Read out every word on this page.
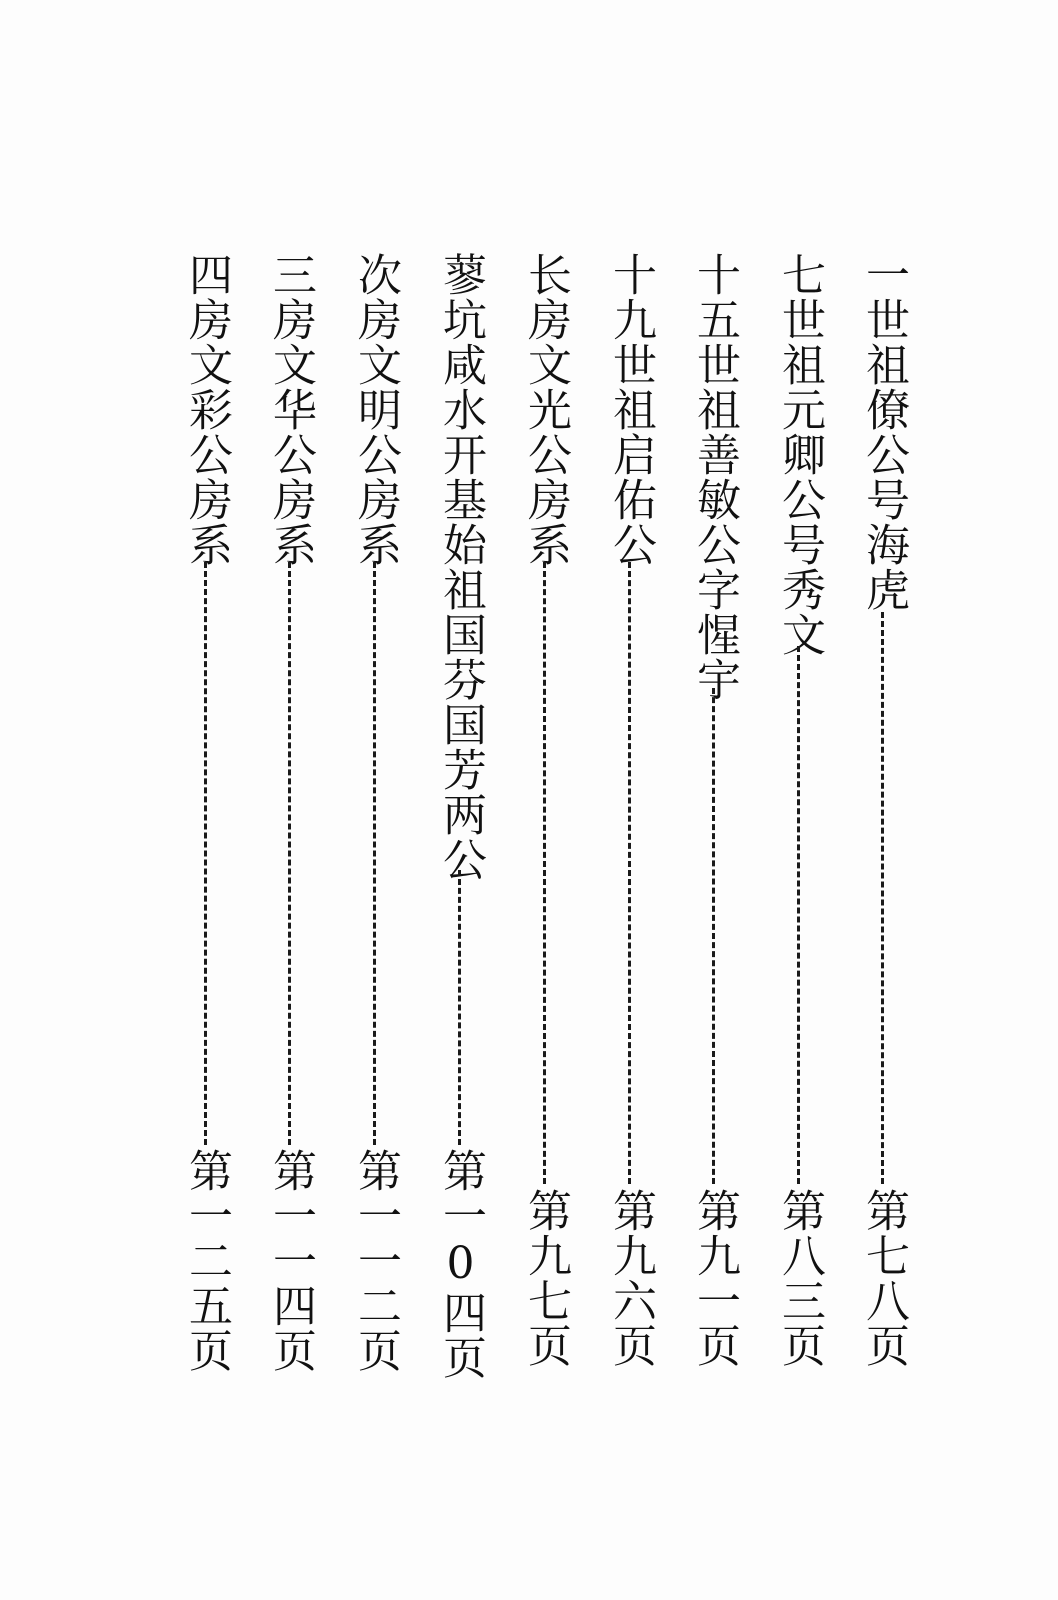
一世祖僚公号海虎
第七八页
七世祖元卿公号秀文
第八三页
十五世祖善敏公字惺宇
第九一页
十九世祖启佑公
第九六页
长房文光公房系
第九七页
蓼坑咸水开基始祖国芬国芳两公
第一0四页
次房文明公房系
第一一二页
三房文华公房系
第一一四页
四房文彩公房系
第一二五页
